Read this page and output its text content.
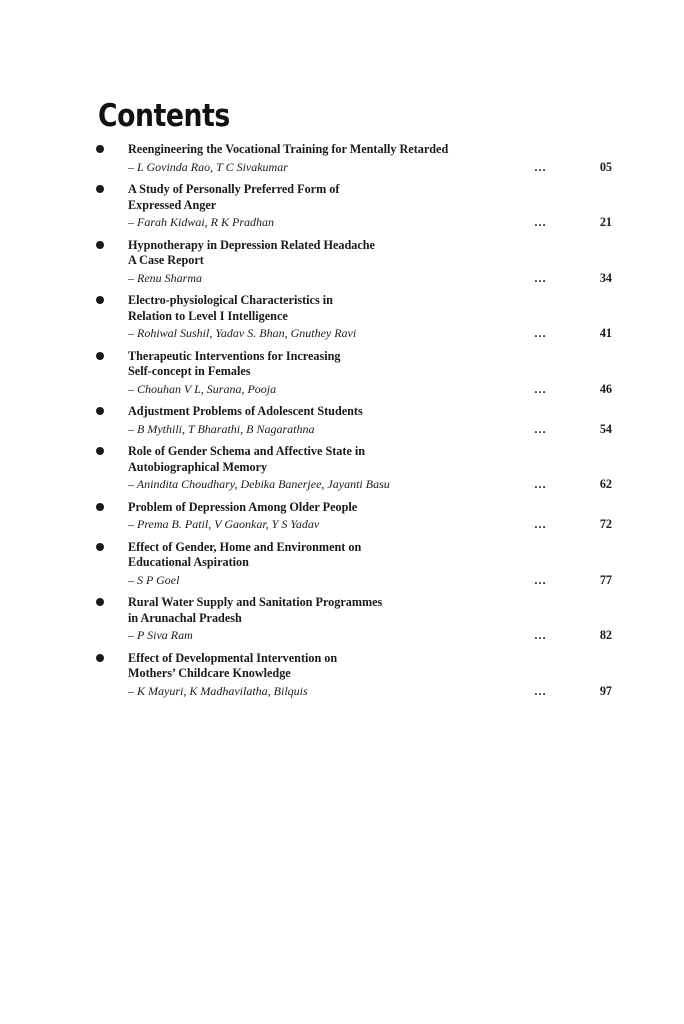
Contents
Reengineering the Vocational Training for Mentally Retarded
– L Govinda Rao, T C Sivakumar	…	05
A Study of Personally Preferred Form of
Expressed Anger
– Farah Kidwai, R K Pradhan	…	21
Hypnotherapy in Depression Related Headache
A Case Report
– Renu Sharma	…	34
Electro-physiological Characteristics in
Relation to Level I Intelligence
– Rohiwal Sushil, Yadav S. Bhan, Gnuthey Ravi	…	41
Therapeutic Interventions for Increasing
Self-concept in Females
– Chouhan V L, Surana, Pooja	…	46
Adjustment Problems of Adolescent Students
– B Mythili, T Bharathi, B Nagarathna	…	54
Role of Gender Schema and Affective State in
Autobiographical Memory
– Anindita Choudhary, Debika Banerjee, Jayanti Basu	…	62
Problem of Depression Among Older People
– Prema B. Patil, V Gaonkar, Y S Yadav	…	72
Effect of Gender, Home and Environment on
Educational Aspiration
– S P Goel	…	77
Rural Water Supply and Sanitation Programmes
in Arunachal Pradesh
– P Siva Ram	…	82
Effect of Developmental Intervention on
Mothers’ Childcare Knowledge
– K Mayuri, K Madhavilatha, Bilquis	…	97
